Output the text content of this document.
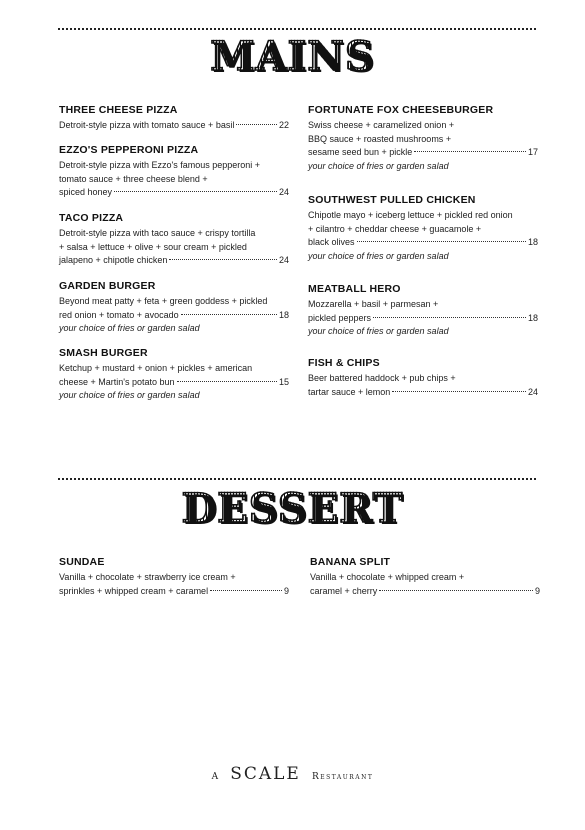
MAINS
THREE CHEESE PIZZA
Detroit-style pizza with tomato sauce + basil	22
EZZO'S PEPPERONI PIZZA
Detroit-style pizza with Ezzo's famous pepperoni +
tomato sauce + three cheese blend +
spiced honey	24
TACO PIZZA
Detroit-style pizza with taco sauce + crispy tortilla
+ salsa + lettuce + olive + sour cream + pickled
jalapeno + chipotle chicken	24
GARDEN BURGER
Beyond meat patty + feta + green goddess + pickled
red onion + tomato + avocado	18
your choice of fries or garden salad
SMASH BURGER
Ketchup + mustard + onion + pickles + american
cheese + Martin's potato bun	15
your choice of fries or garden salad
FORTUNATE FOX CHEESEBURGER
Swiss cheese + caramelized onion +
BBQ sauce + roasted mushrooms +
sesame seed bun + pickle	17
your choice of fries or garden salad
SOUTHWEST PULLED CHICKEN
Chipotle mayo + iceberg lettuce + pickled red onion
+ cilantro + cheddar cheese + guacamole +
black olives	18
your choice of fries or garden salad
MEATBALL HERO
Mozzarella + basil + parmesan +
pickled peppers	18
your choice of fries or garden salad
FISH & CHIPS
Beer battered haddock + pub chips +
tartar sauce + lemon	24
DESSERT
SUNDAE
Vanilla + chocolate + strawberry ice cream +
sprinkles + whipped cream + caramel	9
BANANA SPLIT
Vanilla + chocolate + whipped cream +
caramel + cherry	9
A SCALE Restaurant
